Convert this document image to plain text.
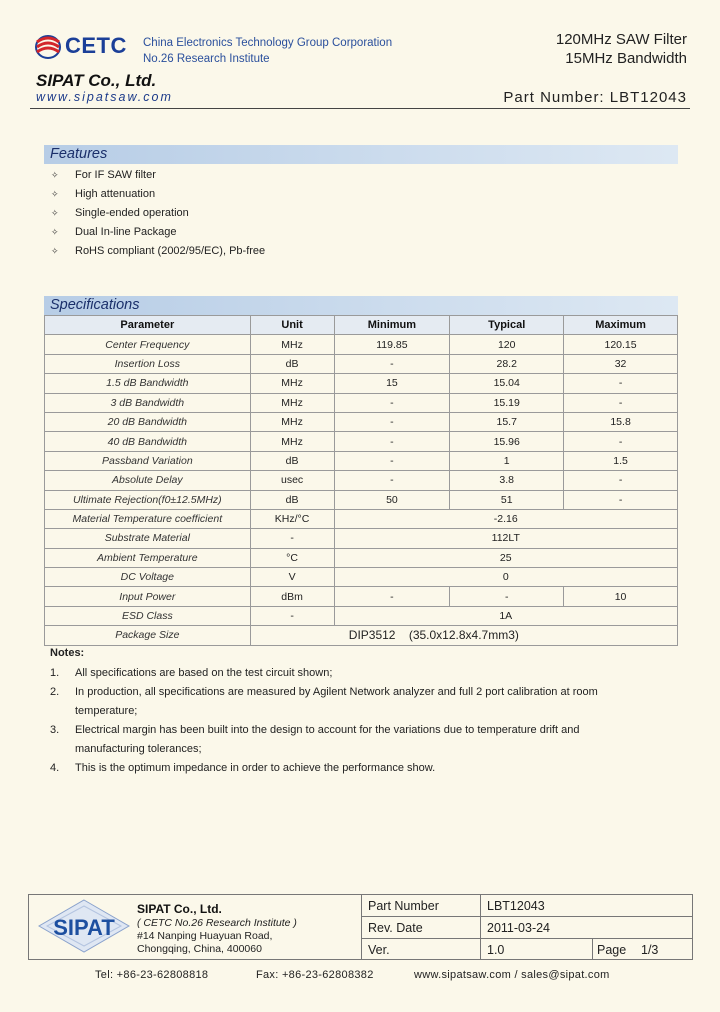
CETC China Electronics Technology Group Corporation
No.26 Research Institute
SIPAT Co., Ltd.
www.sipatsaw.com
120MHz SAW Filter
15MHz Bandwidth
Part Number: LBT12043
Features
✧ For IF SAW filter
✧ High attenuation
✧ Single-ended operation
✧ Dual In-line Package
✧ RoHS compliant (2002/95/EC), Pb-free
Specifications
Parameter	Unit	Minimum	Typical	Maximum
Center Frequency	MHz	119.85	120	120.15
Insertion Loss	dB	-	28.2	32
1.5 dB Bandwidth	MHz	15	15.04	-
3 dB Bandwidth	MHz	-	15.19	-
20 dB Bandwidth	MHz	-	15.7	15.8
40 dB Bandwidth	MHz	-	15.96	-
Passband Variation	dB	-	1	1.5
Absolute Delay	usec	-	3.8	-
Ultimate Rejection(f0±12.5MHz)	dB	50	51	-
Material Temperature coefficient	KHz/°C	-2.16		
Substrate Material	-	112LT		
Ambient Temperature	°C	25		
DC Voltage	V	0		
Input Power	dBm	-	-	10
ESD Class	-	1A		
Package Size	DIP3512    (35.0x12.8x4.7mm3)			
Notes:

1. All specifications are based on the test circuit shown;

2. In production, all specifications are measured by Agilent Network analyzer and full 2 port calibration at room temperature;

3. Electrical margin has been built into the design to account for the variations due to temperature drift and manufacturing tolerances;

4. This is the optimum impedance in order to achieve the performance show.

SIPAT
SIPAT Co., Ltd.
( CETC No.26 Research Institute )
#14 Nanping Huayuan Road,
Chongqing, China, 400060
Part Number	LBT12043
Rev. Date	2011-03-24
Ver.	1.0	Page 1/3
Tel: +86-23-62808818	Fax: +86-23-62808382	www.sipatsaw.com / sales@sipat.com
